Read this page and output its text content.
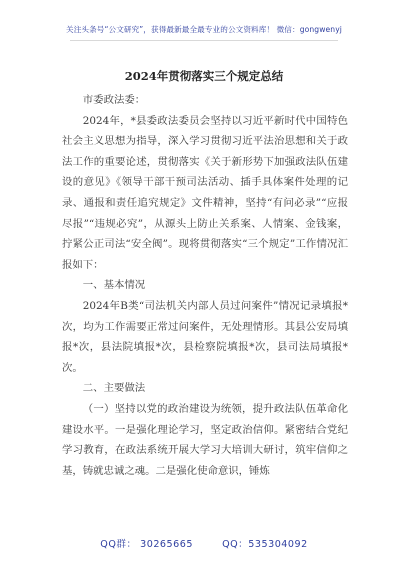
关注头条号“公文研究”，获得最新最全最专业的公文资料库！ 微信：gongwenyj
2024年贯彻落实三个规定总结

市委政法委：

2024年，*县委政法委员会坚持以习近平新时代中国特色社会主义思想为指导，深入学习贯彻习近平法治思想和关于政法工作的重要论述，贯彻落实《关于新形势下加强政法队伍建设的意见》《领导干部干预司法活动、插手具体案件处理的记录、通报和责任追究规定》文件精神，坚持“有问必录”“应报尽报”“违规必究”，从源头上防止关系案、人情案、金钱案，拧紧公正司法“安全阀”。现将贯彻落实“三个规定”工作情况汇报如下：

一、基本情况

2024年B类“司法机关内部人员过问案件”情况记录填报*次，均为工作需要正常过问案件，无处理情形。其县公安局填报*次，县法院填报*次，县检察院填报*次，县司法局填报*次。

二、主要做法

（一）坚持以党的政治建设为统领，提升政法队伍革命化建设水平。一是强化理论学习，坚定政治信仰。紧密结合党纪学习教育，在政法系统开展大学习大培训大研讨，筑牢信仰之基，铸就忠诚之魂。二是强化使命意识，锤炼

QQ群： 30265665	QQ：535304092
